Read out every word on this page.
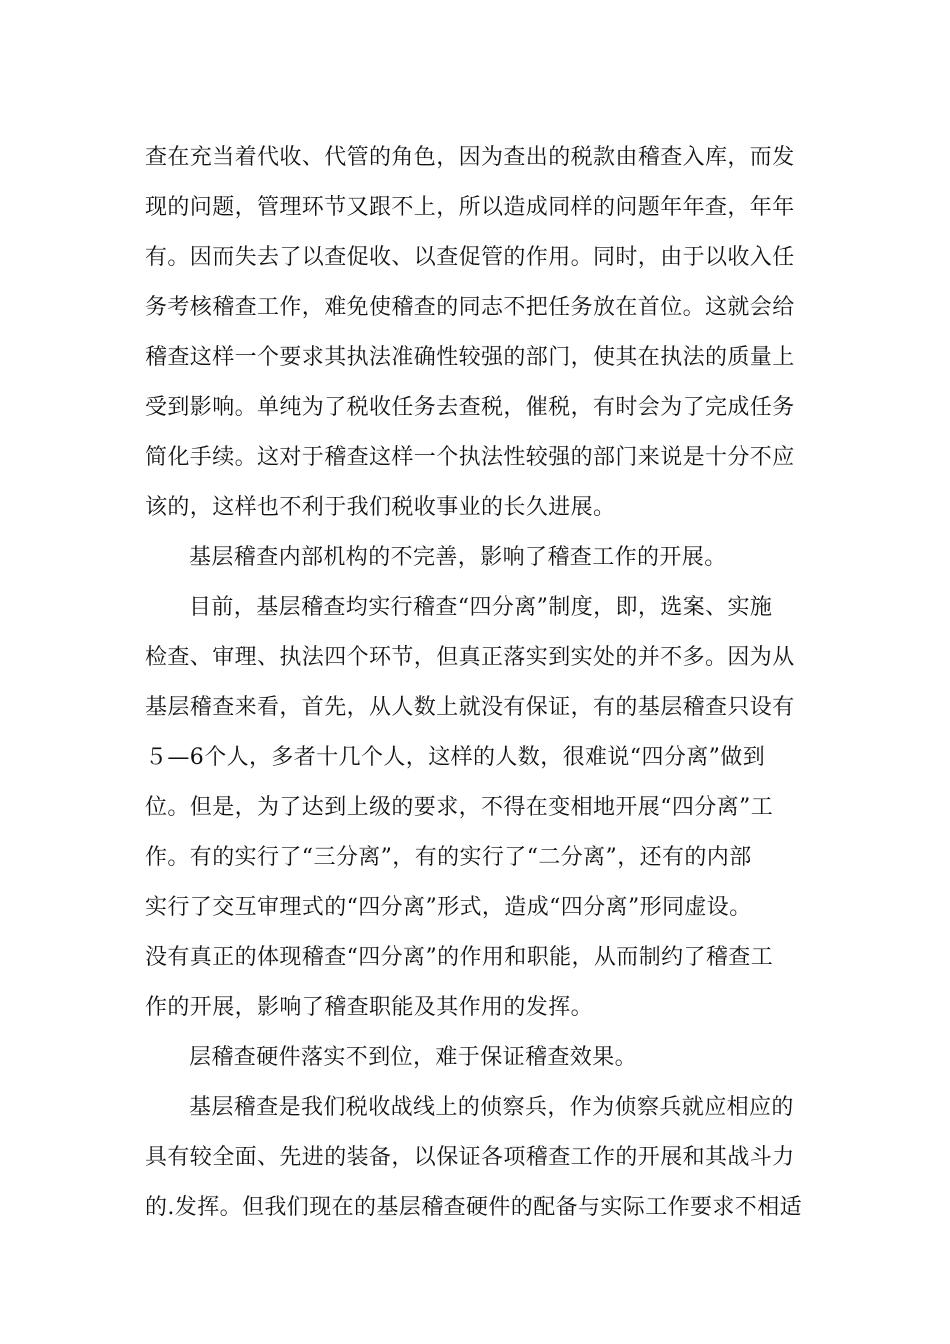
查在充当着代收、代管的角色，因为查出的税款由稽查入库，而发
现的问题，管理环节又跟不上，所以造成同样的问题年年查，年年
有。因而失去了以查促收、以查促管的作用。同时，由于以收入任
务考核稽查工作，难免使稽查的同志不把任务放在首位。这就会给
稽查这样一个要求其执法准确性较强的部门，使其在执法的质量上
受到影响。单纯为了税收任务去查税，催税，有时会为了完成任务
简化手续。这对于稽查这样一个执法性较强的部门来说是十分不应
该的，这样也不利于我们税收事业的长久进展。
基层稽查内部机构的不完善，影响了稽查工作的开展。
目前，基层稽查均实行稽查“四分离”制度，即，选案、实施
检查、审理、执法四个环节，但真正落实到实处的并不多。因为从
基层稽查来看，首先，从人数上就没有保证，有的基层稽查只设有
５—6个人，多者十几个人，这样的人数，很难说“四分离”做到
位。但是，为了达到上级的要求，不得在变相地开展“四分离”工
作。有的实行了“三分离”，有的实行了“二分离”，还有的内部
实行了交互审理式的“四分离”形式，造成“四分离”形同虚设。
没有真正的体现稽查“四分离”的作用和职能，从而制约了稽查工
作的开展，影响了稽查职能及其作用的发挥。
层稽查硬件落实不到位，难于保证稽查效果。
基层稽查是我们税收战线上的侦察兵，作为侦察兵就应相应的
具有较全面、先进的装备，以保证各项稽查工作的开展和其战斗力
的.发挥。但我们现在的基层稽查硬件的配备与实际工作要求不相适
